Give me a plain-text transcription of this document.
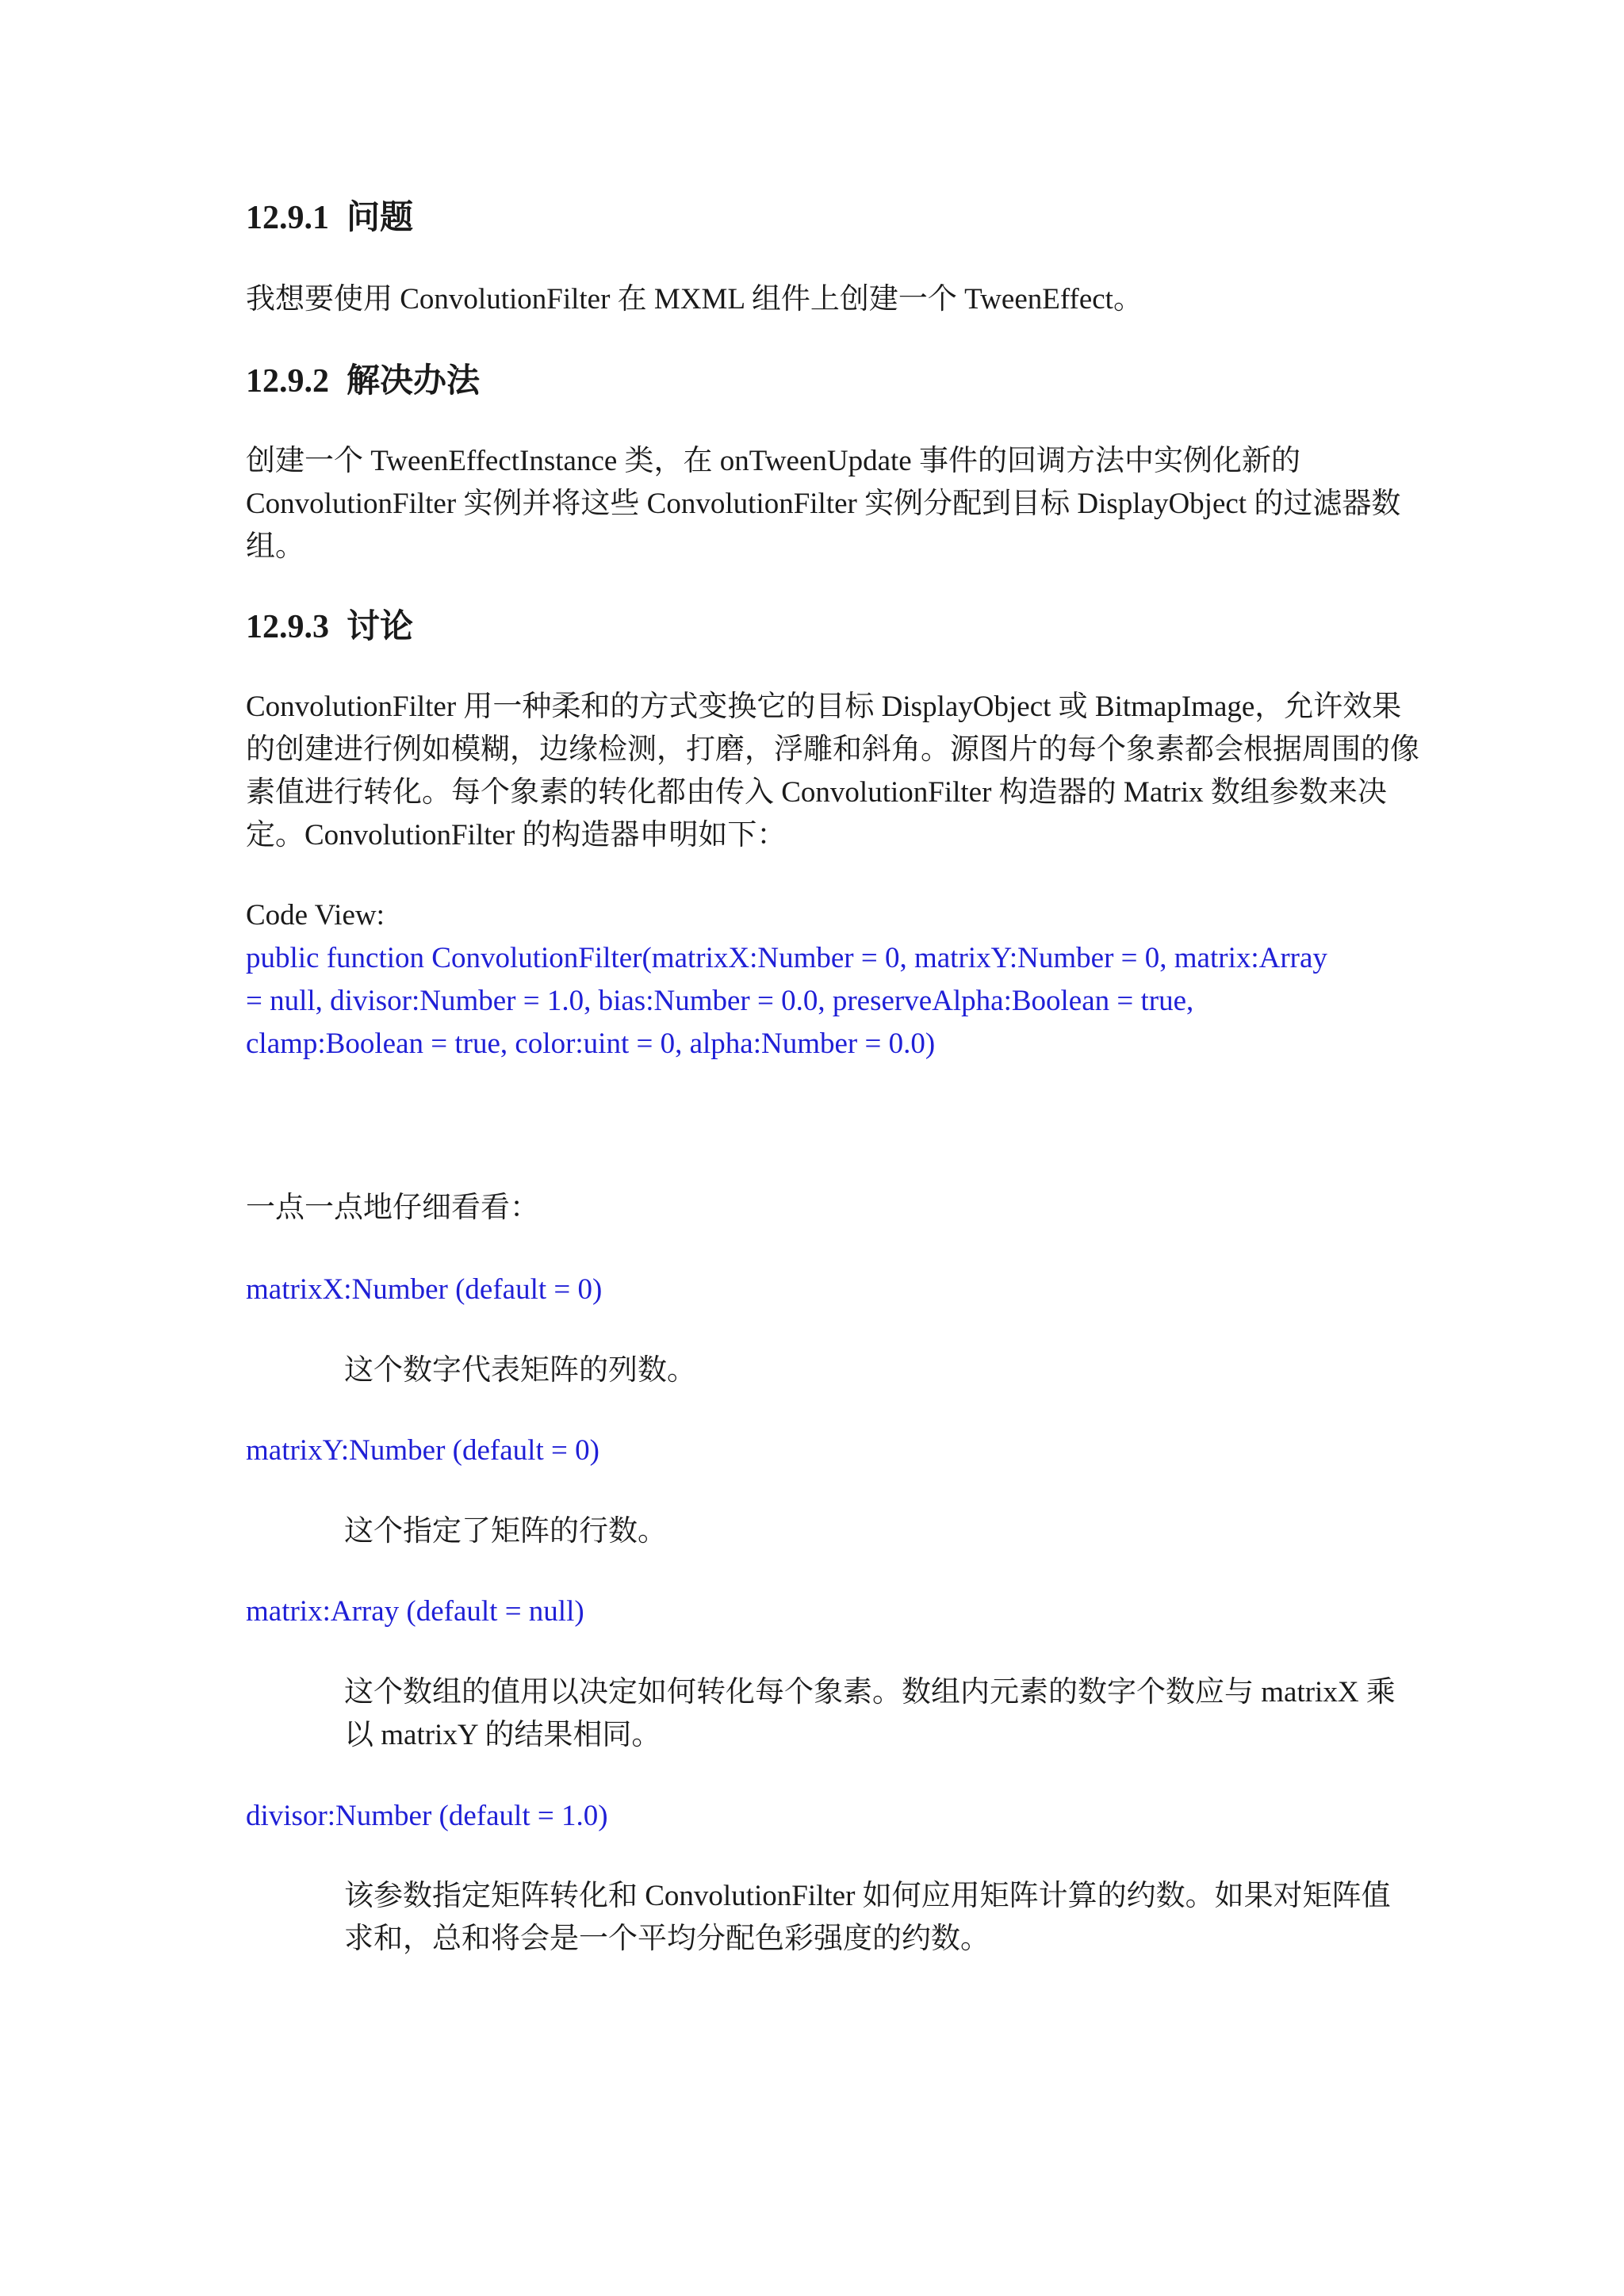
12.9.1 问题

我想要使用 ConvolutionFilter 在 MXML 组件上创建一个 TweenEffect。

12.9.2 解决办法

创建一个 TweenEffectInstance 类，在 onTweenUpdate 事件的回调方法中实例化新的
ConvolutionFilter 实例并将这些 ConvolutionFilter 实例分配到目标 DisplayObject 的过滤器数
组。

12.9.3 讨论

ConvolutionFilter 用一种柔和的方式变换它的目标 DisplayObject 或 BitmapImage，允许效果
的创建进行例如模糊，边缘检测，打磨，浮雕和斜角。源图片的每个象素都会根据周围的像
素值进行转化。每个象素的转化都由传入 ConvolutionFilter 构造器的 Matrix 数组参数来决
定。ConvolutionFilter 的构造器申明如下：

Code View:

public function ConvolutionFilter(matrixX:Number = 0, matrixY:Number = 0, matrix:Array
= null, divisor:Number = 1.0, bias:Number = 0.0, preserveAlpha:Boolean = true,
clamp:Boolean = true, color:uint = 0, alpha:Number = 0.0)

一点一点地仔细看看：

matrixX:Number (default = 0)

这个数字代表矩阵的列数。

matrixY:Number (default = 0)

这个指定了矩阵的行数。

matrix:Array (default = null)

这个数组的值用以决定如何转化每个象素。数组内元素的数字个数应与 matrixX 乘
以 matrixY 的结果相同。

divisor:Number (default = 1.0)

该参数指定矩阵转化和 ConvolutionFilter 如何应用矩阵计算的约数。如果对矩阵值
求和，总和将会是一个平均分配色彩强度的约数。
